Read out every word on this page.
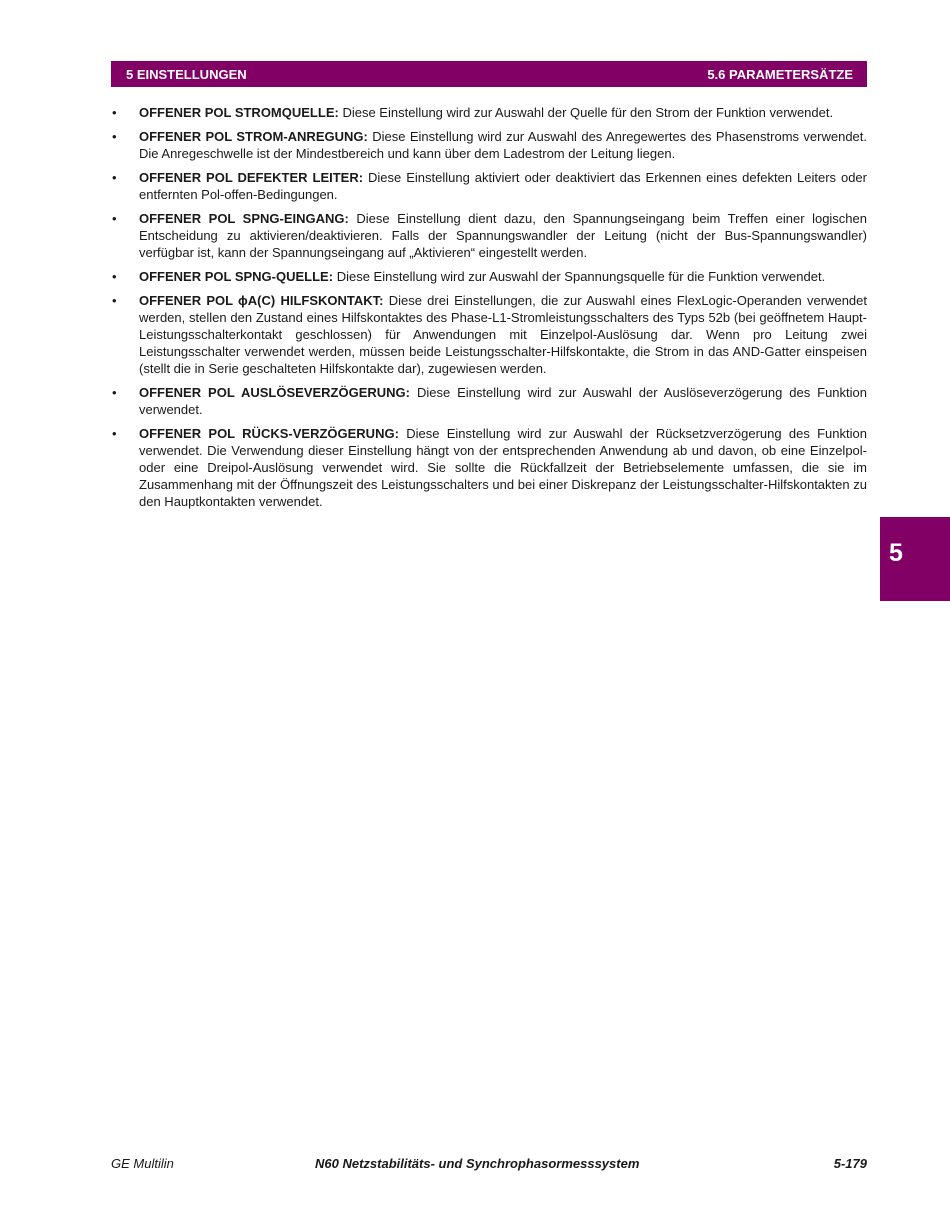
5 EINSTELLUNGEN	5.6 PARAMETERSÄTZE
• OFFENER POL STROMQUELLE: Diese Einstellung wird zur Auswahl der Quelle für den Strom der Funktion verwendet.
• OFFENER POL STROM-ANREGUNG: Diese Einstellung wird zur Auswahl des Anregewertes des Phasenstroms verwendet. Die Anregeschwelle ist der Mindestbereich und kann über dem Ladestrom der Leitung liegen.
• OFFENER POL DEFEKTER LEITER: Diese Einstellung aktiviert oder deaktiviert das Erkennen eines defekten Leiters oder entfernten Pol-offen-Bedingungen.
• OFFENER POL SPNG-EINGANG: Diese Einstellung dient dazu, den Spannungseingang beim Treffen einer logischen Entscheidung zu aktivieren/deaktivieren. Falls der Spannungswandler der Leitung (nicht der Bus-Spannungswandler) verfügbar ist, kann der Spannungseingang auf „Aktivieren“ eingestellt werden.
• OFFENER POL SPNG-QUELLE: Diese Einstellung wird zur Auswahl der Spannungsquelle für die Funktion verwendet.
• OFFENER POL ϕA(C) HILFSKONTAKT: Diese drei Einstellungen, die zur Auswahl eines FlexLogic-Operanden verwendet werden, stellen den Zustand eines Hilfskontaktes des Phase-L1-Stromleistungsschalters des Typs 52b (bei geöffnetem Haupt-Leistungsschalterkontakt geschlossen) für Anwendungen mit Einzelpol-Auslösung dar. Wenn pro Leitung zwei Leistungsschalter verwendet werden, müssen beide Leistungsschalter-Hilfskontakte, die Strom in das AND-Gatter einspeisen (stellt die in Serie geschalteten Hilfskontakte dar), zugewiesen werden.
• OFFENER POL AUSLÖSEVERZÖGERUNG: Diese Einstellung wird zur Auswahl der Auslöseverzögerung des Funktion verwendet.
• OFFENER POL RÜCKS-VERZÖGERUNG: Diese Einstellung wird zur Auswahl der Rücksetzverzögerung des Funktion verwendet. Die Verwendung dieser Einstellung hängt von der entsprechenden Anwendung ab und davon, ob eine Einzelpol- oder eine Dreipol-Auslösung verwendet wird. Sie sollte die Rückfallzeit der Betriebselemente umfassen, die sie im Zusammenhang mit der Öffnungszeit des Leistungsschalters und bei einer Diskrepanz der Leistungsschalter-Hilfskontakten zu den Hauptkontakten verwendet.
5
GE Multilin	N60 Netzstabilitäts- und Synchrophasormesssystem	5-179
